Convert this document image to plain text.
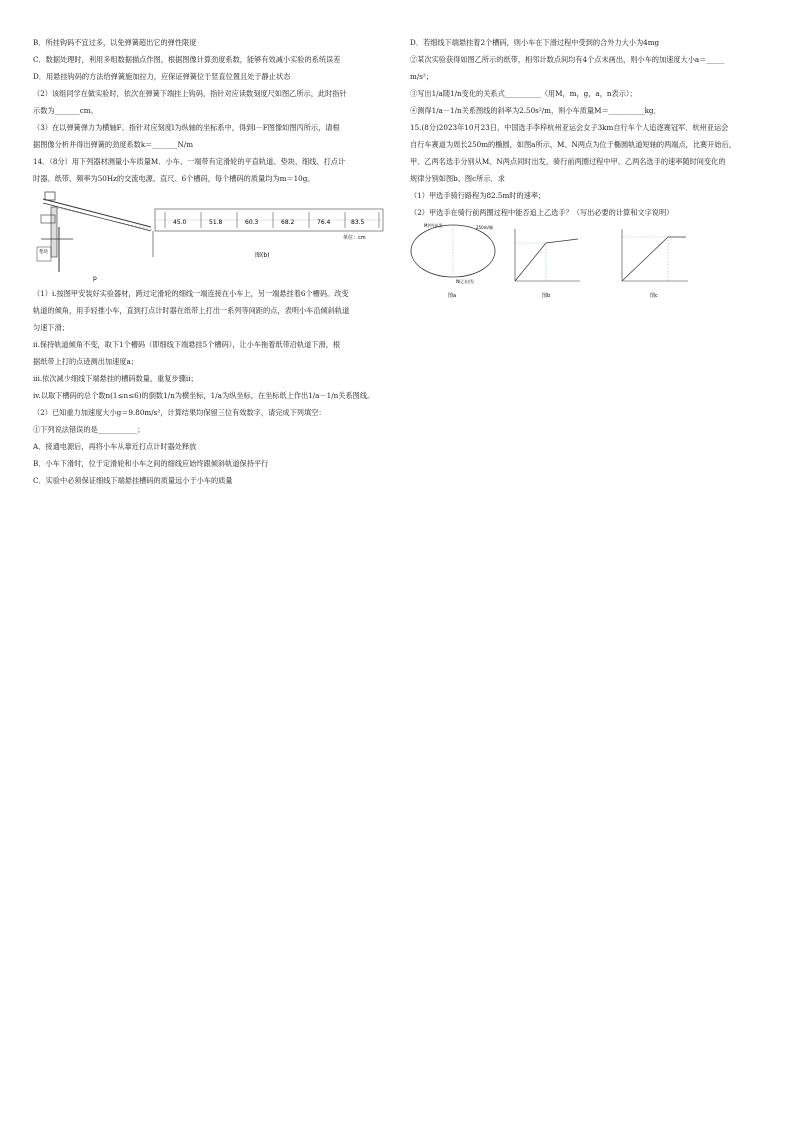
B．所挂钩码不宜过多，以免弹簧超出它的弹性限度
C．数据处理时，利用多组数据描点作图，根据图像计算劲度系数，能够有效减小实验的系统误差
D．用悬挂钩码的方法给弹簧施加拉力，应保证弹簧位于竖直位置且处于静止状态
（2）该组同学在做实验时，依次在弹簧下端挂上钩码，指针对应读数刻度尺如图乙所示，此时指针
示数为_______cm。
（3）在以弹簧弹力为横轴F、指针对应刻度l为纵轴的坐标系中，得到l－F图像如图丙所示，请根
据图像分析并得出弹簧的劲度系数k＝_______N/m
14．（8分）用下列器材测量小车质量M．小车、一端带有定滑轮的平直轨道、垫块、细线、打点计
时器、纸带、频率为50Hz的交流电源、直尺、6个槽码，每个槽码的质量均为m＝10g。
垫块
p
45.0	51.8	60.3	68.2	76.4	83.5
单位：cm
图(b)
（1）i.按图甲安装好实验器材，跨过定滑轮的细线一端连接在小车上，另一端悬挂着6个槽码。改变
轨道的倾角，用手轻推小车，直到打点计时器在纸带上打出一系列等间距的点，表明小车沿倾斜轨道
匀速下滑；
ii.保持轨道倾角不变，取下1个槽码（即细线下端悬挂5个槽码），让小车拖着纸带沿轨道下滑，根
据纸带上打的点迹测出加速度a；
iii.依次减少细线下端悬挂的槽码数量，重复步骤ii；
iv.以取下槽码的总个数n(1≤n≤6)的倒数1/n为横坐标，1/a为纵坐标，在坐标纸上作出1/a－1/n关系图线。
（2）已知重力加速度大小g＝9.80m/s²，计算结果均保留三位有效数字，请完成下列填空：
①下列说法错误的是___________；
A．接通电源后，再将小车从靠近打点计时器处释放
B．小车下滑时，位于定滑轮和小车之间的细线应始终跟倾斜轨道保持平行
C．实验中必须保证细线下端悬挂槽码的质量远小于小车的质量
D．若细线下端悬挂着2个槽码，则小车在下滑过程中受到的合外力大小为4mg
②某次实验获得如图乙所示的纸带，相邻计数点间均有4个点未画出，则小车的加速度大小a＝_____
m/s²；
③写出1/a随1/n变化的关系式__________（用M，m，g，a，n表示）；
④测得1/a－1/n关系图线的斜率为2.50s²/m，则小车质量M＝__________kg．
15.(8分)2023年10月23日，中国选手李梓杭州亚运会女子3km自行车个人追逐赛冠军．杭州亚运会
自行车赛道为周长250m的椭圆，如图a所示，M、N两点为位于椭圆轨道短轴的两端点，比赛开始后，
甲、乙两名选手分别从M、N两点同时出发，骑行前两圈过程中甲、乙两名选手的速率随时间变化的
规律分别如图b、图c所示．求
（1）甲选手骑行路程为82.5m时的速率；
（2）甲选手在骑行前两圈过程中能否追上乙选手？（写出必要的计算和文字说明）
M(甲)出发
N(乙)出发
250m/圈
图a	图b	图c
